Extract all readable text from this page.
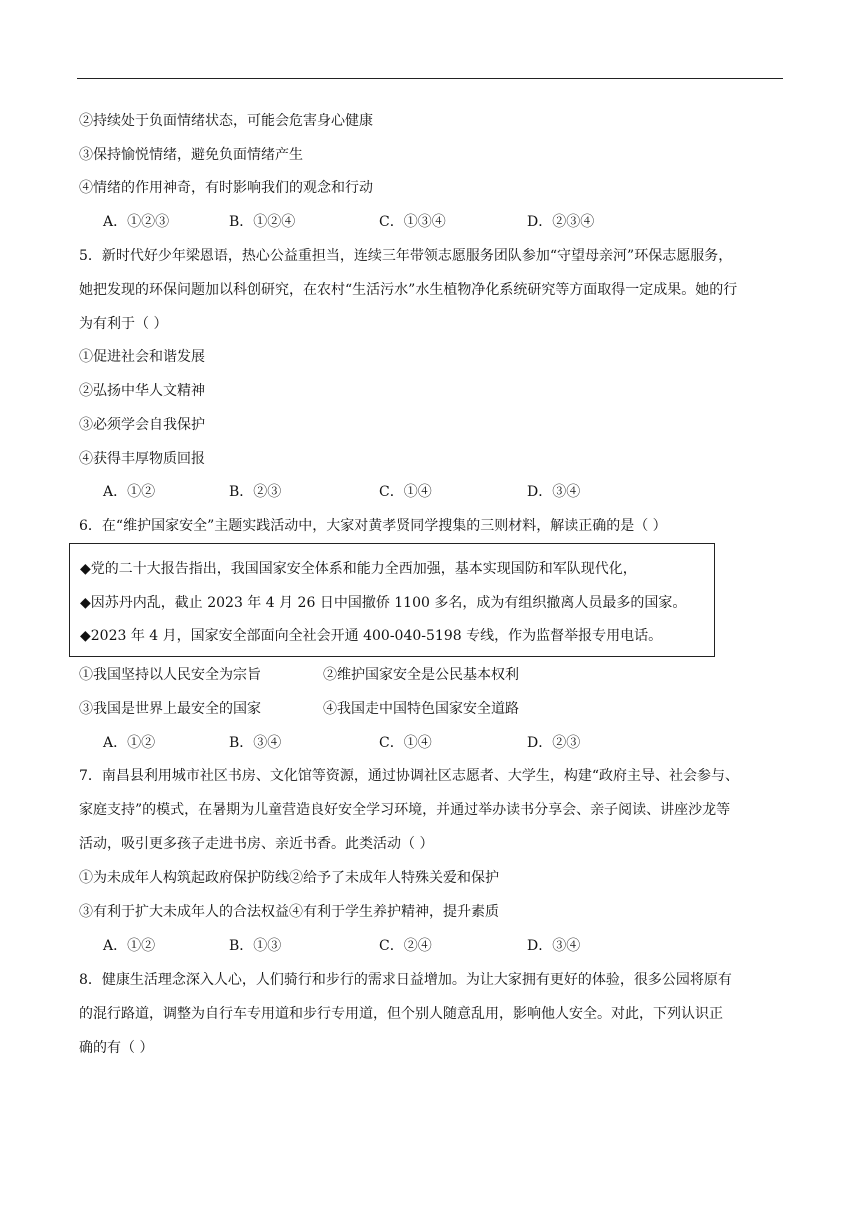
②持续处于负面情绪状态，可能会危害身心健康
③保持愉悦情绪，避免负面情绪产生
④情绪的作用神奇，有时影响我们的观念和行动
A．①②③	B．①②④	C．①③④	D．②③④
5．新时代好少年梁恩语，热心公益重担当，连续三年带领志愿服务团队参加“守望母亲河”环保志愿服务，
她把发现的环保问题加以科创研究，在农村“生活污水”水生植物净化系统研究等方面取得一定成果。她的行
为有利于（ ）
①促进社会和谐发展
②弘扬中华人文精神
③必须学会自我保护
④获得丰厚物质回报
A．①②	B．②③	C．①④	D．③④
6．在“维护国家安全”主题实践活动中，大家对黄孝贤同学搜集的三则材料，解读正确的是（ ）
◆党的二十大报告指出，我国国家安全体系和能力全西加强，基本实现国防和军队现代化，
◆因苏丹内乱，截止 2023 年 4 月 26 日中国撤侨 1100 多名，成为有组织撤离人员最多的国家。
◆2023 年 4 月，国家安全部面向全社会开通 400-040-5198 专线，作为监督举报专用电话。
①我国坚持以人民安全为宗旨	②维护国家安全是公民基本权利
③我国是世界上最安全的国家	④我国走中国特色国家安全道路
A．①②	B．③④	C．①④	D．②③
7．南昌县利用城市社区书房、文化馆等资源，通过协调社区志愿者、大学生，构建“政府主导、社会参与、
家庭支持”的模式，在暑期为儿童营造良好安全学习环境，并通过举办读书分享会、亲子阅读、讲座沙龙等
活动，吸引更多孩子走进书房、亲近书香。此类活动（ ）
①为未成年人构筑起政府保护防线②给予了未成年人特殊关爱和保护
③有利于扩大未成年人的合法权益④有利于学生养护精神，提升素质
A．①②	B．①③	C．②④	D．③④
8．健康生活理念深入人心，人们骑行和步行的需求日益增加。为让大家拥有更好的体验，很多公园将原有
的混行路道，调整为自行车专用道和步行专用道，但个别人随意乱用，影响他人安全。对此，下列认识正
确的有（ ）
